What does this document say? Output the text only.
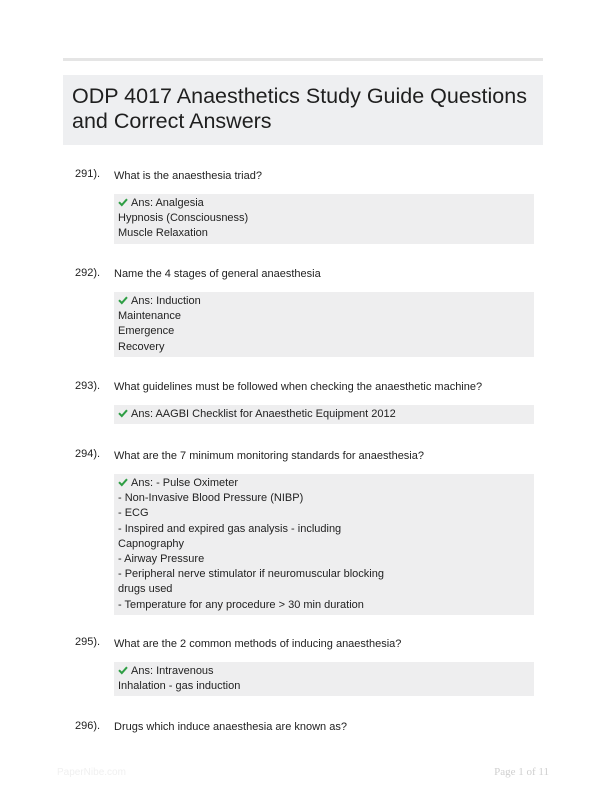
ODP 4017 Anaesthetics Study Guide Questions
and Correct Answers
291). What is the anaesthesia triad?
Ans: Analgesia
Hypnosis (Consciousness)
Muscle Relaxation
292). Name the 4 stages of general anaesthesia
Ans: Induction
Maintenance
Emergence
Recovery
293). What guidelines must be followed when checking the anaesthetic machine?
Ans: AAGBI Checklist for Anaesthetic Equipment 2012
294). What are the 7 minimum monitoring standards for anaesthesia?
Ans: - Pulse Oximeter
- Non-Invasive Blood Pressure (NIBP)
- ECG
- Inspired and expired gas analysis - including
Capnography
- Airway Pressure
- Peripheral nerve stimulator if neuromuscular blocking
drugs used
- Temperature for any procedure > 30 min duration
295). What are the 2 common methods of inducing anaesthesia?
Ans: Intravenous
Inhalation - gas induction
296). Drugs which induce anaesthesia are known as?
PaperNibe.com	Page 1 of 11
